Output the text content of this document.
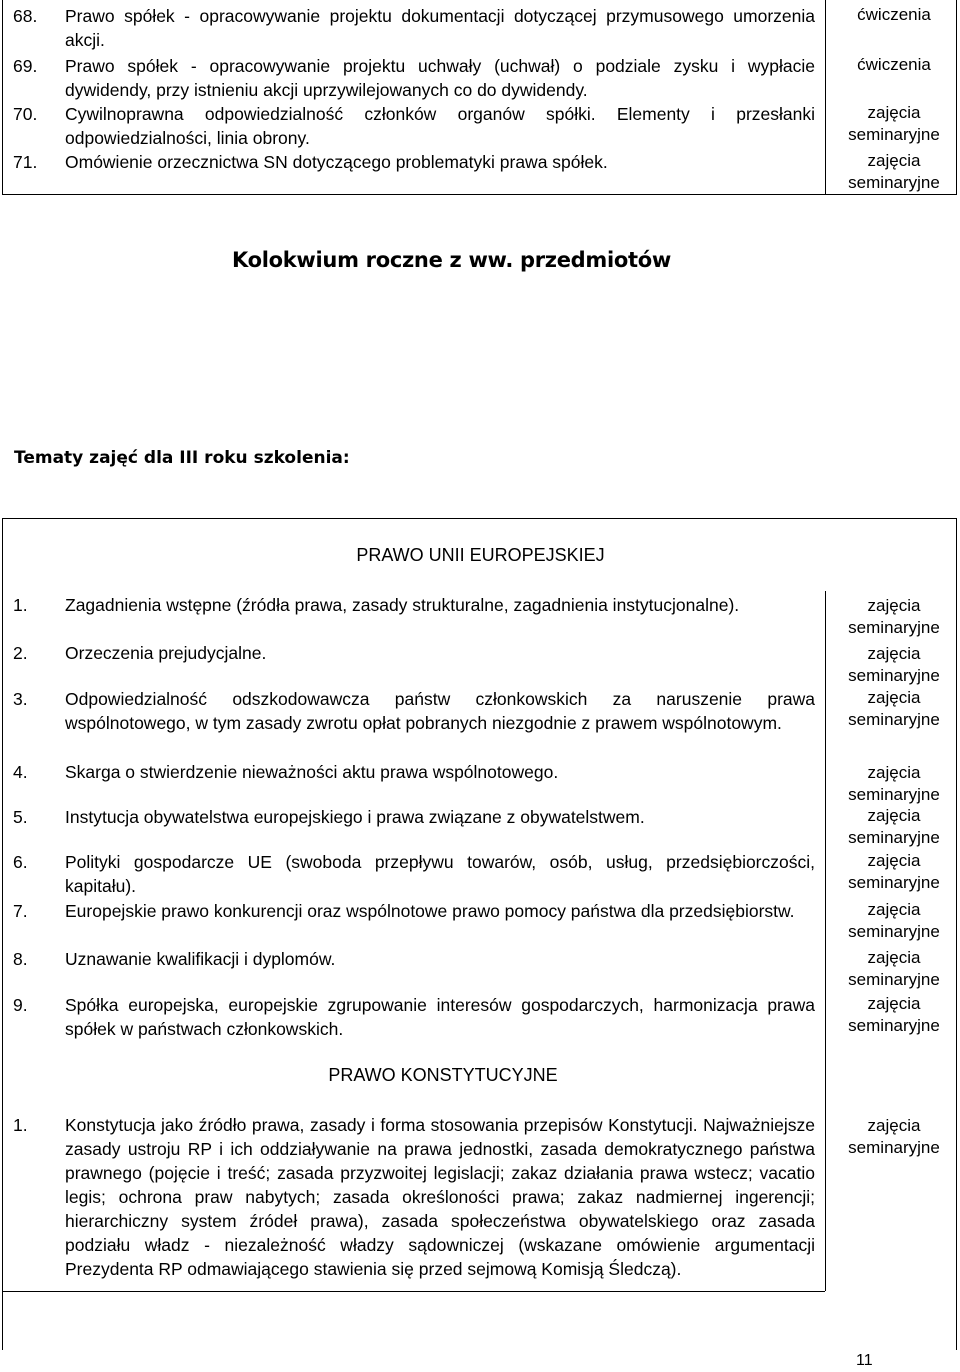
68. Prawo spółek - opracowywanie projektu dokumentacji dotyczącej przymusowego umorzenia akcji.
ćwiczenia
69. Prawo spółek - opracowywanie projektu uchwały (uchwał) o podziale zysku i wypłacie dywidendy, przy istnieniu akcji uprzywilejowanych co do dywidendy.
ćwiczenia
70. Cywilnoprawna odpowiedzialność członków organów spółki. Elementy i przesłanki odpowiedzialności, linia obrony.
zajęcia seminaryjne
71. Omówienie orzecznictwa SN dotyczącego problematyki prawa spółek.	zajęcia seminaryjne
Kolokwium roczne z ww. przedmiotów
Tematy zajęć dla III roku szkolenia:
PRAWO UNII EUROPEJSKIEJ
1. Zagadnienia wstępne (źródła prawa, zasady strukturalne, zagadnienia instytucjonalne).	zajęcia seminaryjne
2. Orzeczenia prejudycjalne.	zajęcia seminaryjne
3. Odpowiedzialność odszkodowawcza państw członkowskich za naruszenie prawa wspólnotowego, w tym zasady zwrotu opłat pobranych niezgodnie z prawem wspólnotowym.
zajęcia seminaryjne
4. Skarga o stwierdzenie nieważności aktu prawa wspólnotowego.	zajęcia seminaryjne
5. Instytucja obywatelstwa europejskiego i prawa związane z obywatelstwem.	zajęcia seminaryjne
6. Polityki gospodarcze UE (swoboda przepływu towarów, osób, usług, przedsiębiorczości, kapitału).
zajęcia seminaryjne
7. Europejskie prawo konkurencji oraz wspólnotowe prawo pomocy państwa dla przedsiębiorstw.	zajęcia seminaryjne
8. Uznawanie kwalifikacji i dyplomów.	zajęcia seminaryjne
9. Spółka europejska, europejskie zgrupowanie interesów gospodarczych, harmonizacja prawa spółek w państwach członkowskich.
zajęcia seminaryjne
PRAWO KONSTYTUCYJNE
1. Konstytucja jako źródło prawa, zasady i forma stosowania przepisów Konstytucji. Najważniejsze zasady ustroju RP i ich oddziaływanie na prawa jednostki, zasada demokratycznego państwa prawnego (pojęcie i treść; zasada przyzwoitej legislacji; zakaz działania prawa wstecz; vacatio legis; ochrona praw nabytych; zasada określoności prawa; zakaz nadmiernej ingerencji; hierarchiczny system źródeł prawa), zasada społeczeństwa obywatelskiego oraz zasada podziału władz - niezależność władzy sądowniczej (wskazane omówienie argumentacji Prezydenta RP odmawiającego stawienia się przed sejmową Komisją Śledczą).
zajęcia seminaryjne
11
